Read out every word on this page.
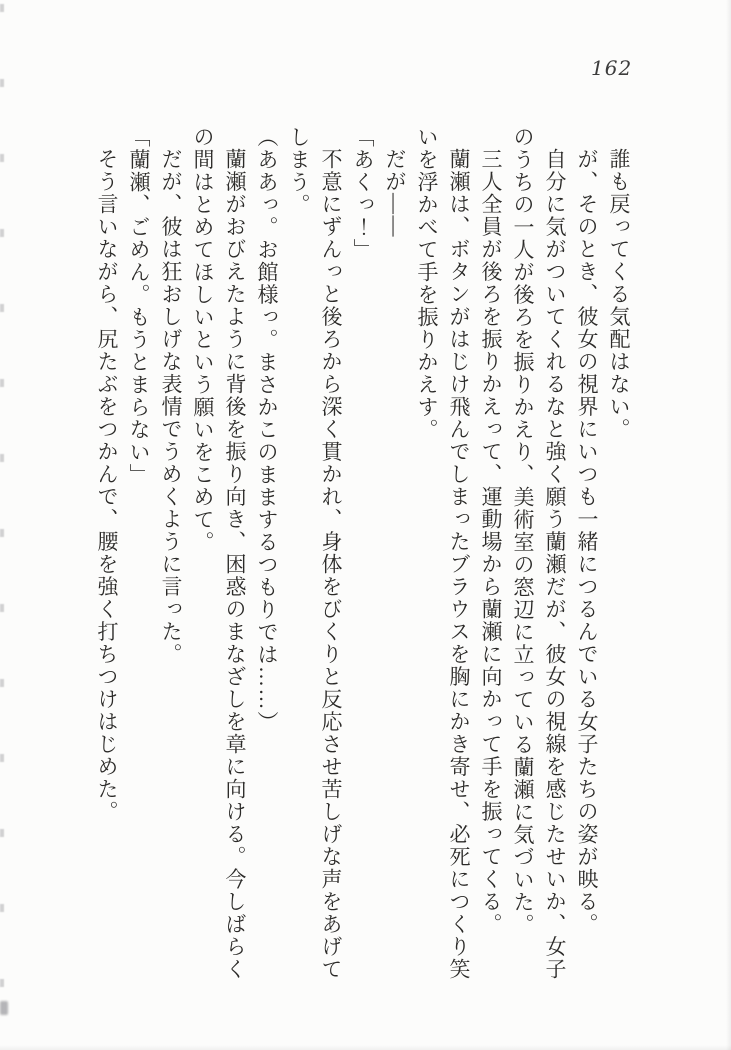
162
誰も戻ってくる気配はない。
が、そのとき、彼女の視界にいつも一緒につるんでいる女子たちの姿が映る。
自分に気がついてくれるなと強く願う蘭瀬だが、彼女の視線を感じたせいか、女子
のうちの一人が後ろを振りかえり、美術室の窓辺に立っている蘭瀬に気づいた。
三人全員が後ろを振りかえって、運動場から蘭瀬に向かって手を振ってくる。
蘭瀬は、ボタンがはじけ飛んでしまったブラウスを胸にかき寄せ、必死につくり笑
いを浮かべて手を振りかえす。
だが――
「あくっ！」
不意にずんっと後ろから深く貫かれ、身体をびくりと反応させ苦しげな声をあげて
しまう。
（ああっ。お館様っ。まさかこのままするつもりでは……）
蘭瀬がおびえたように背後を振り向き、困惑のまなざしを章に向ける。今しばらく
の間はとめてほしいという願いをこめて。
だが、彼は狂おしげな表情でうめくように言った。
「蘭瀬、ごめん。もうとまらない」
そう言いながら、尻たぶをつかんで、腰を強く打ちつけはじめた。
